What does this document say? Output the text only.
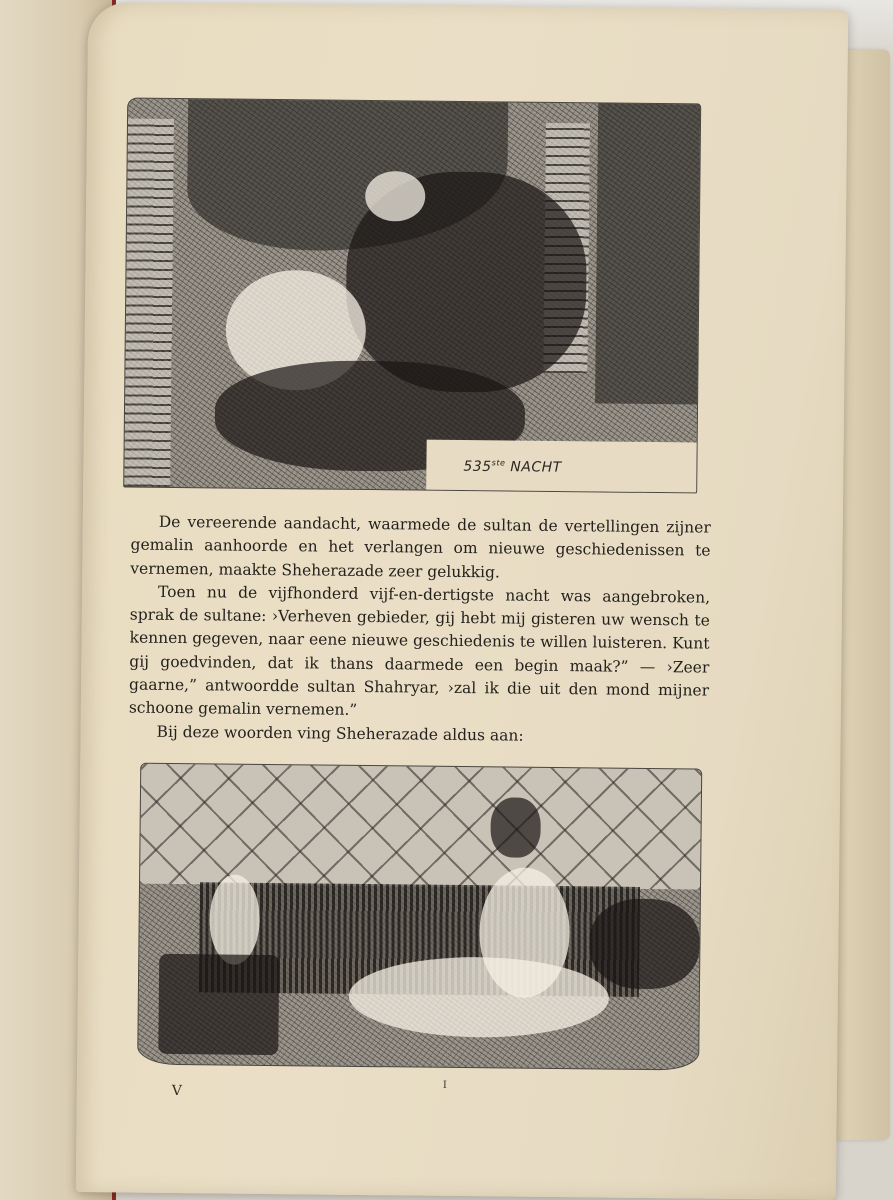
535ste NACHT

De vereerende aandacht, waarmede de sultan de vertellingen zijner gemalin aanhoorde en het verlangen om nieuwe geschiedenissen te vernemen, maakte Sheherazade zeer gelukkig.

Toen nu de vijfhonderd vijf-en-dertigste nacht was aangebroken, sprak de sultane: ›Verheven gebieder, gij hebt mij gisteren uw wensch te kennen gegeven, naar eene nieuwe geschiedenis te willen luisteren. Kunt gij goedvinden, dat ik thans daarmede een begin maak?” — ›Zeer gaarne,” antwoordde sultan Shahryar, ›zal ik die uit den mond mijner schoone gemalin vernemen.”

Bij deze woorden ving Sheherazade aldus aan:

V	I
